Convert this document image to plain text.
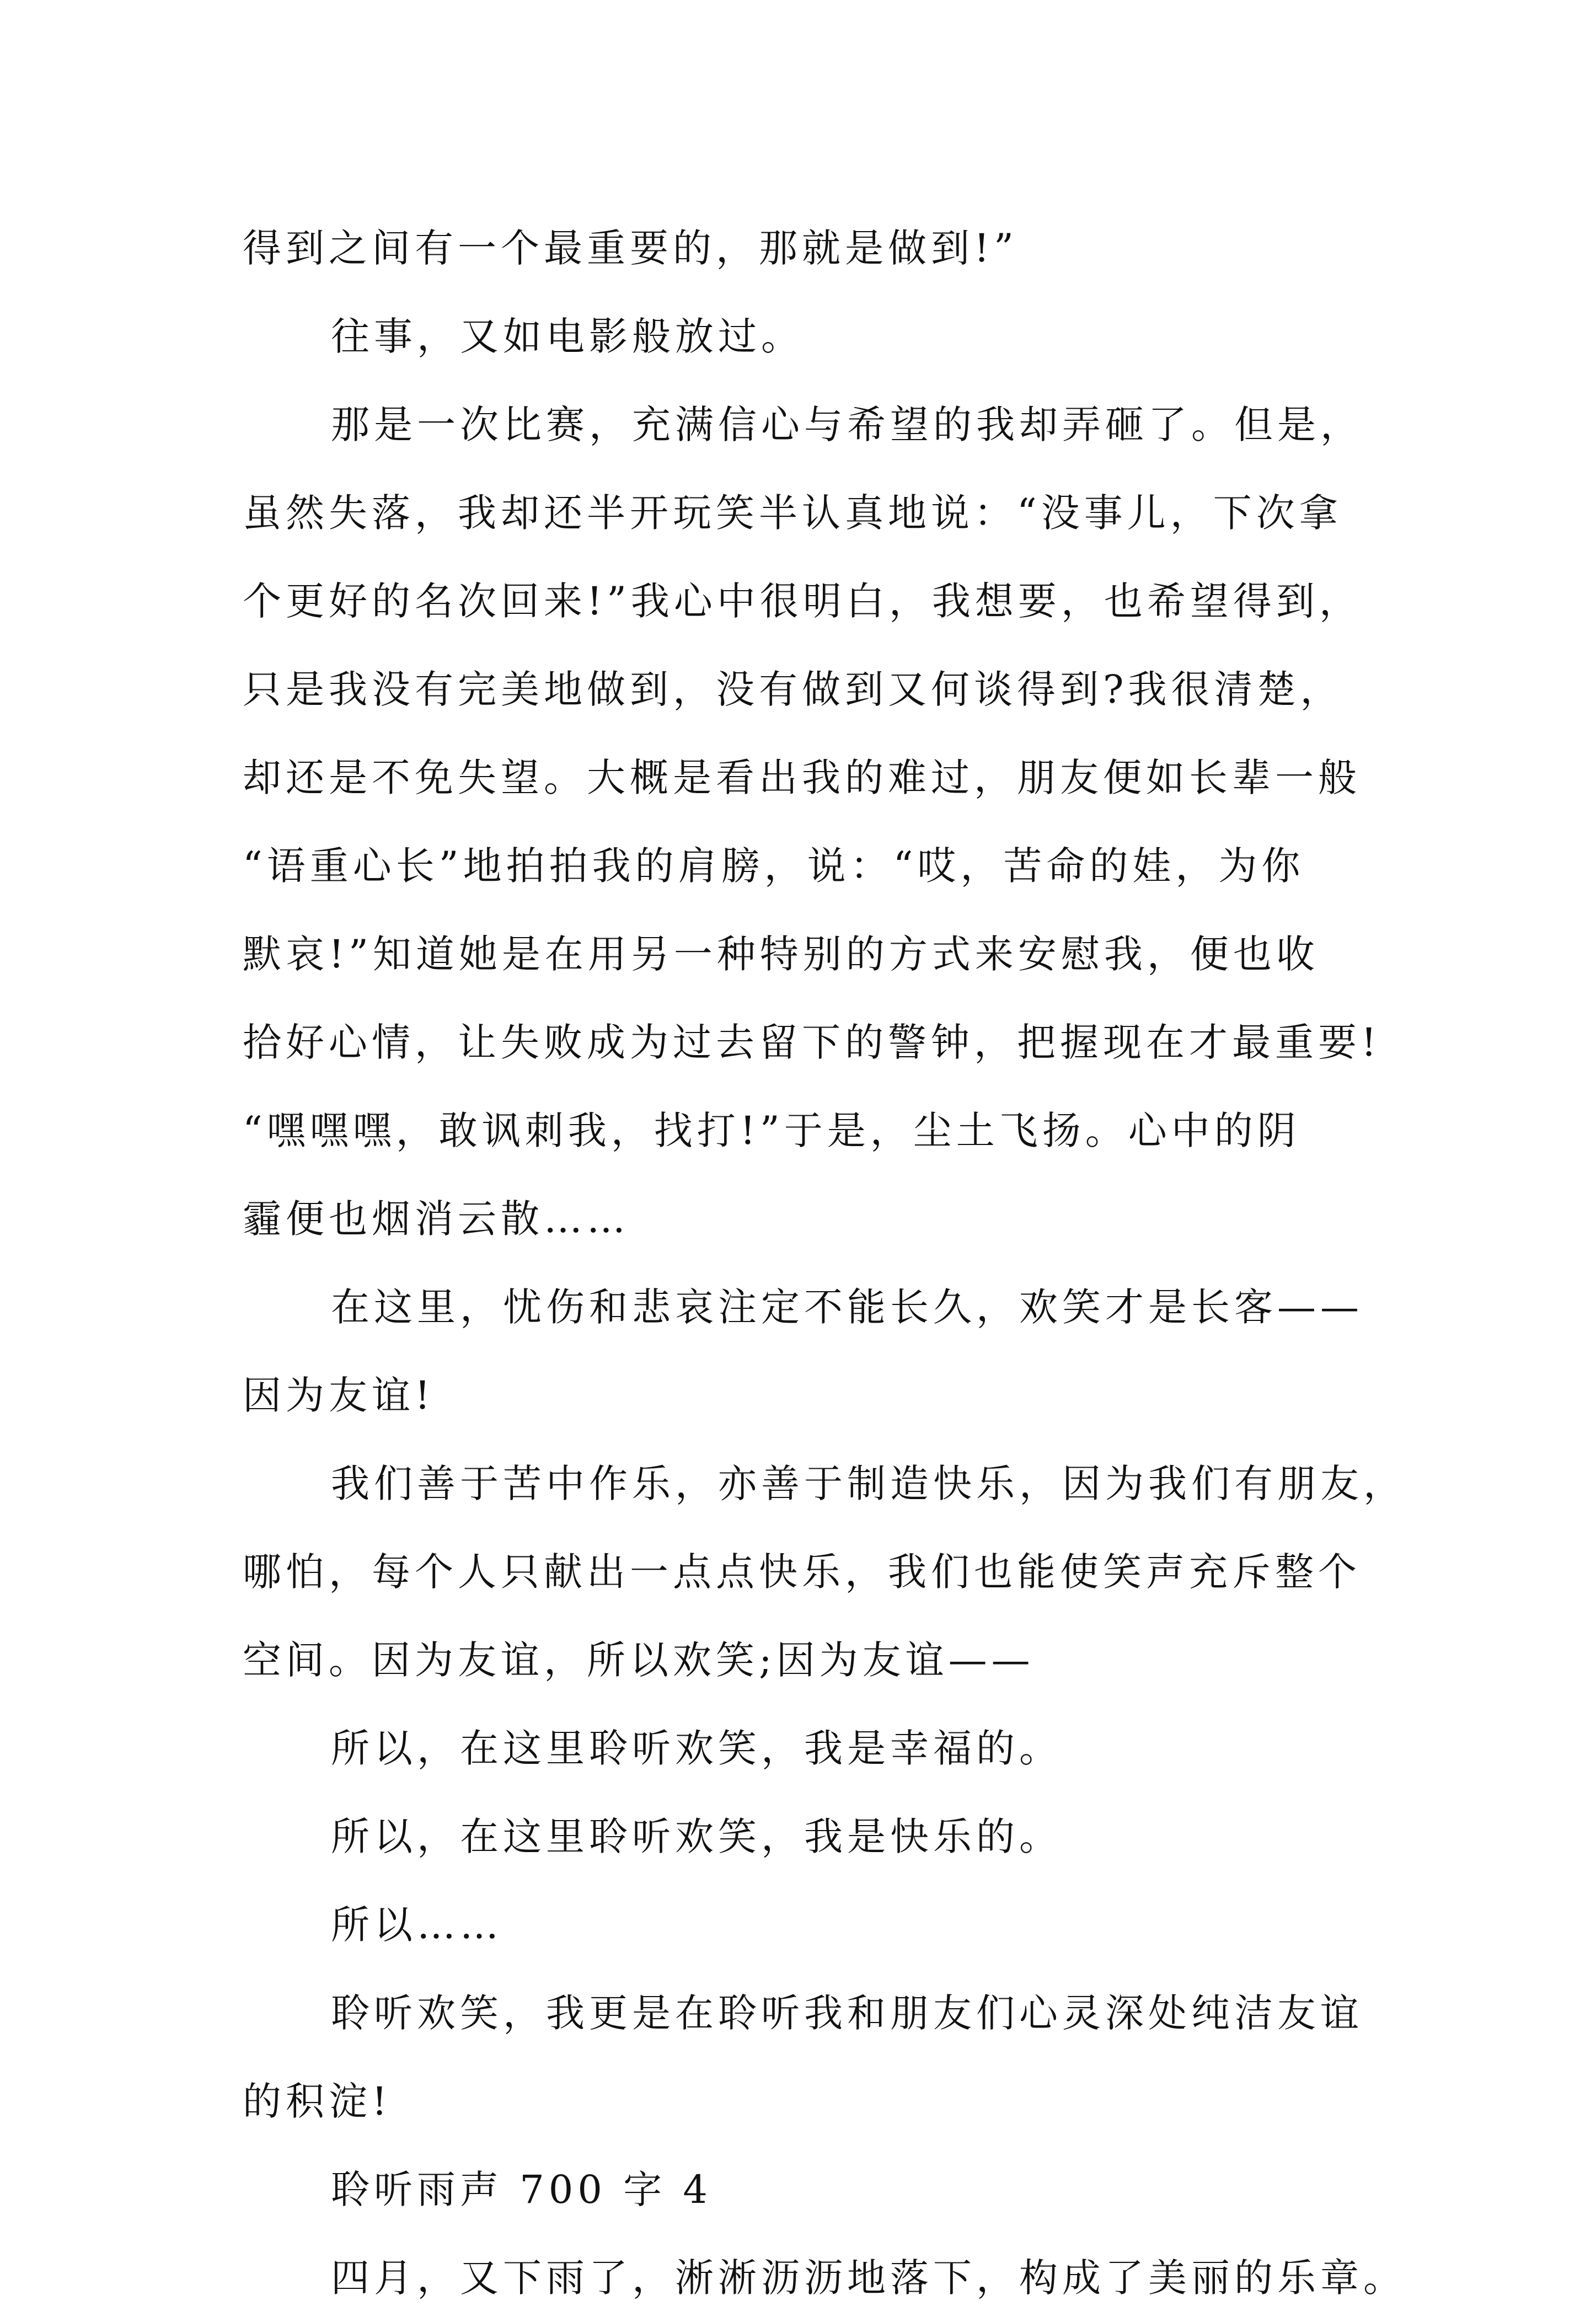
得到之间有一个最重要的，那就是做到!”
往事，又如电影般放过。
那是一次比赛，充满信心与希望的我却弄砸了。但是，
虽然失落，我却还半开玩笑半认真地说：“没事儿，下次拿
个更好的名次回来!”我心中很明白，我想要，也希望得到，
只是我没有完美地做到，没有做到又何谈得到?我很清楚，
却还是不免失望。大概是看出我的难过，朋友便如长辈一般
“语重心长”地拍拍我的肩膀，说：“哎，苦命的娃，为你
默哀!”知道她是在用另一种特别的方式来安慰我，便也收
拾好心情，让失败成为过去留下的警钟，把握现在才最重要!
“嘿嘿嘿，敢讽刺我，找打!”于是，尘土飞扬。心中的阴
霾便也烟消云散……
在这里，忧伤和悲哀注定不能长久，欢笑才是长客——
因为友谊!
我们善于苦中作乐，亦善于制造快乐，因为我们有朋友，
哪怕，每个人只献出一点点快乐，我们也能使笑声充斥整个
空间。因为友谊，所以欢笑;因为友谊——
所以，在这里聆听欢笑，我是幸福的。
所以，在这里聆听欢笑，我是快乐的。
所以……
聆听欢笑，我更是在聆听我和朋友们心灵深处纯洁友谊
的积淀!
聆听雨声 700 字 4
四月，又下雨了，淅淅沥沥地落下，构成了美丽的乐章。
